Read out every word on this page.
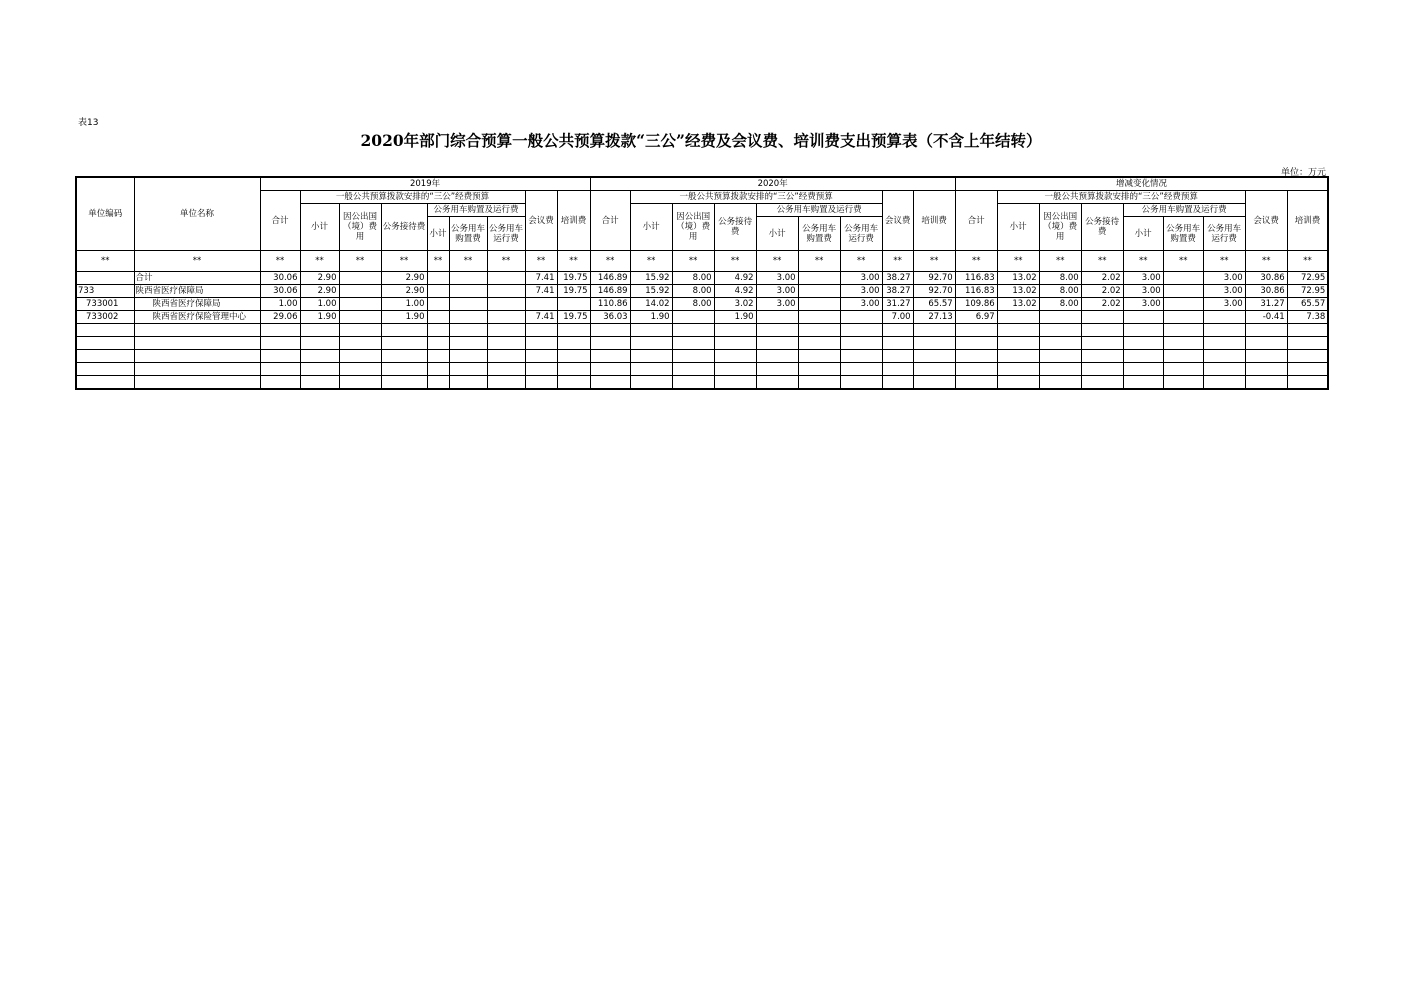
表13
2020年部门综合预算一般公共预算拨款“三公”经费及会议费、培训费支出预算表（不含上年结转）
单位：万元
单位编码	单位名称	2019年									2020年									增减变化情况								
		合计	一般公共预算拨款安排的“三公”经费预算						会议费	培训费	合计	一般公共预算拨款安排的“三公”经费预算						会议费	培训费	合计	一般公共预算拨款安排的“三公”经费预算						会议费	培训费
			小计	因公出国（境）费用	公务接待费	公务用车购置及运行费						小计	因公出国（境）费用	公务接待费	公务用车购置及运行费						小计	因公出国（境）费用	公务接待费	公务用车购置及运行费				
						小计	公务用车购置费	公务用车运行费							小计	公务用车购置费	公务用车运行费							小计	公务用车购置费	公务用车运行费		
**	**	**	**	**	**	**	**	**	**	**	**	**	**	**	**	**	**	**	**	**	**	**	**	**	**	**	**	**
	合计	30.06	2.90		2.90				7.41	19.75	146.89	15.92	8.00	4.92	3.00		3.00	38.27	92.70	116.83	13.02	8.00	2.02	3.00		3.00	30.86	72.95
733	陕西省医疗保障局	30.06	2.90		2.90				7.41	19.75	146.89	15.92	8.00	4.92	3.00		3.00	38.27	92.70	116.83	13.02	8.00	2.02	3.00		3.00	30.86	72.95
733001	陕西省医疗保障局	1.00	1.00		1.00						110.86	14.02	8.00	3.02	3.00		3.00	31.27	65.57	109.86	13.02	8.00	2.02	3.00		3.00	31.27	65.57
733002	陕西省医疗保险管理中心	29.06	1.90		1.90				7.41	19.75	36.03	1.90		1.90				7.00	27.13	6.97							-0.41	7.38
